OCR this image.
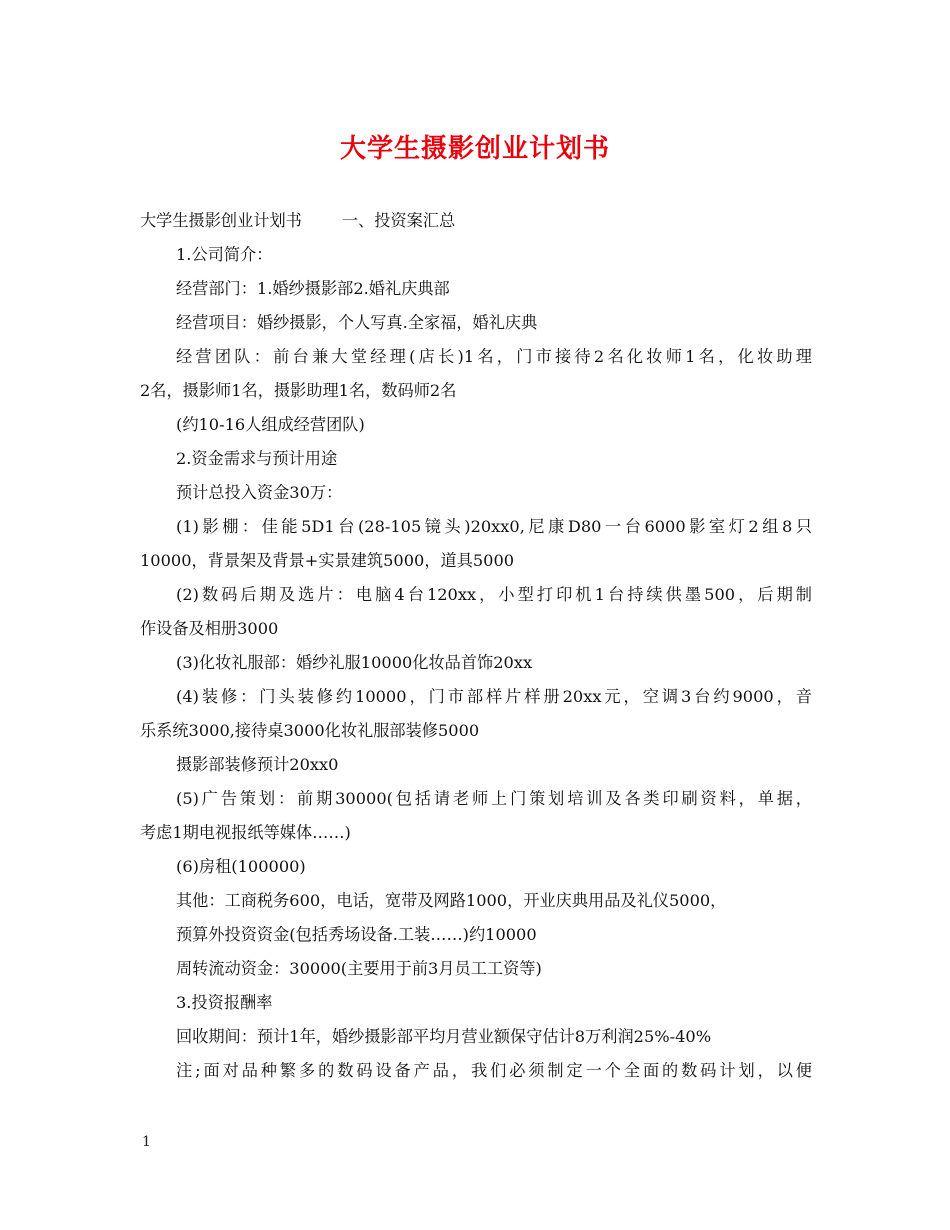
大学生摄影创业计划书
大学生摄影创业计划书 一、投资案汇总
1.公司简介：
经营部门：1.婚纱摄影部2.婚礼庆典部
经营项目：婚纱摄影，个人写真.全家福，婚礼庆典
经营团队：前台兼大堂经理(店长)1名，门市接待2名化妆师1名，化妆助理
2名，摄影师1名，摄影助理1名，数码师2名
(约10-16人组成经营团队)
2.资金需求与预计用途
预计总投入资金30万：
(1)影棚：佳能5D1台(28-105镜头)20xx0,尼康D80一台6000影室灯2组8只
10000，背景架及背景+实景建筑5000，道具5000
(2)数码后期及选片：电脑4台120xx，小型打印机1台持续供墨500，后期制
作设备及相册3000
(3)化妆礼服部：婚纱礼服10000化妆品首饰20xx
(4)装修：门头装修约10000，门市部样片样册20xx元，空调3台约9000，音
乐系统3000,接待桌3000化妆礼服部装修5000
摄影部装修预计20xx0
(5)广告策划：前期30000(包括请老师上门策划培训及各类印刷资料，单据，
考虑1期电视报纸等媒体……)
(6)房租(100000)
其他：工商税务600，电话，宽带及网路1000，开业庆典用品及礼仪5000，
预算外投资资金(包括秀场设备.工装……)约10000
周转流动资金：30000(主要用于前3月员工工资等)
3.投资报酬率
回收期间：预计1年，婚纱摄影部平均月营业额保守估计8万利润25%-40%
注;面对品种繁多的数码设备产品，我们必须制定一个全面的数码计划，以便
1
